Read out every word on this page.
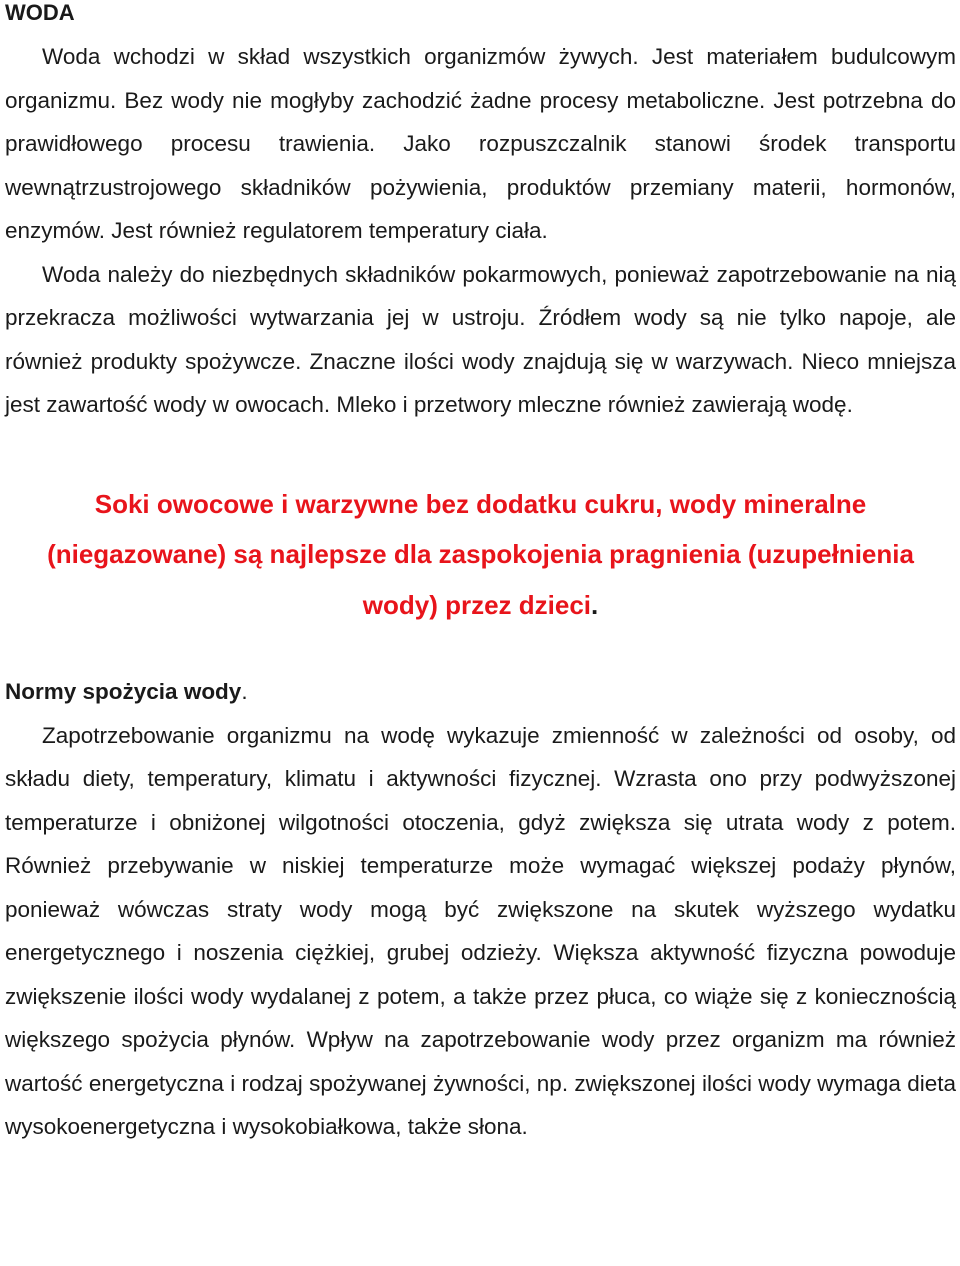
WODA

Woda wchodzi w skład wszystkich organizmów żywych. Jest materiałem budulcowym organizmu. Bez wody nie mogłyby zachodzić żadne procesy metaboliczne. Jest potrzebna do prawidłowego procesu trawienia. Jako rozpuszczalnik stanowi środek transportu wewnątrzustrojowego składników pożywienia, produktów przemiany materii, hormonów, enzymów. Jest również regulatorem temperatury ciała.

Woda należy do niezbędnych składników pokarmowych, ponieważ zapotrzebowanie na nią przekracza możliwości wytwarzania jej w ustroju. Źródłem wody są nie tylko napoje, ale również produkty spożywcze. Znaczne ilości wody znajdują się w warzywach. Nieco mniejsza jest zawartość wody w owocach. Mleko i przetwory mleczne również zawierają wodę.

Soki owocowe i warzywne bez dodatku cukru, wody mineralne (niegazowane) są najlepsze dla zaspokojenia pragnienia (uzupełnienia wody) przez dzieci.

Normy spożycia wody.

Zapotrzebowanie organizmu na wodę wykazuje zmienność w zależności od osoby, od składu diety, temperatury, klimatu i aktywności fizycznej. Wzrasta ono przy podwyższonej temperaturze i obniżonej wilgotności otoczenia, gdyż zwiększa się utrata wody z potem. Również przebywanie w niskiej temperaturze może wymagać większej podaży płynów, ponieważ wówczas straty wody mogą być zwiększone na skutek wyższego wydatku energetycznego i noszenia ciężkiej, grubej odzieży. Większa aktywność fizyczna powoduje zwiększenie ilości wody wydalanej z potem, a także przez płuca, co wiąże się z koniecznością większego spożycia płynów. Wpływ na zapotrzebowanie wody przez organizm ma również wartość energetyczna i rodzaj spożywanej żywności, np. zwiększonej ilości wody wymaga dieta wysokoenergetyczna i wysokobiałkowa, także słona.
